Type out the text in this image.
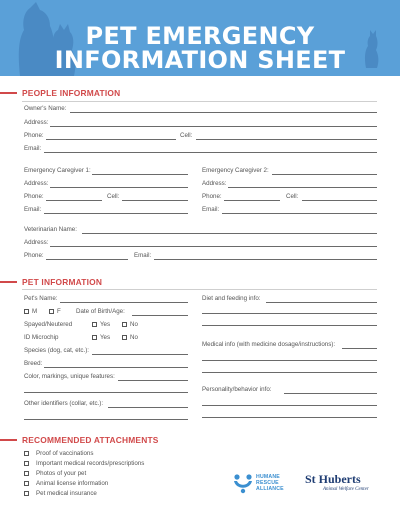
PET EMERGENCY
INFORMATION SHEET
PEOPLE INFORMATION
Owner's Name:
Address:
Phone:	Cell:
Email:
Emergency Caregiver 1:
Address:
Phone:	Cell:
Email:
Emergency Caregiver 2:
Address:
Phone:	Cell:
Email:
Veterinarian Name:
Address:
Phone:	Email:
PET INFORMATION
Pet's Name:
M	F Date of Birth/Age:
Spayed/Neutered	Yes	No
ID Microchip	Yes	No
Species (dog, cat, etc.):
Breed:
Color, markings, unique features:
Other identifiers (collar, etc.):
Diet and feeding info:
Medical info (with medicine dosage/instructions):
Personality/behavior info:
RECOMMENDED ATTACHMENTS
Proof of vaccinations
Important medical records/prescriptions
Photos of your pet
Animal license information
Pet medical insurance
HUMANE
RESCUE
ALLIANCE
St Huberts
Animal Welfare Center
